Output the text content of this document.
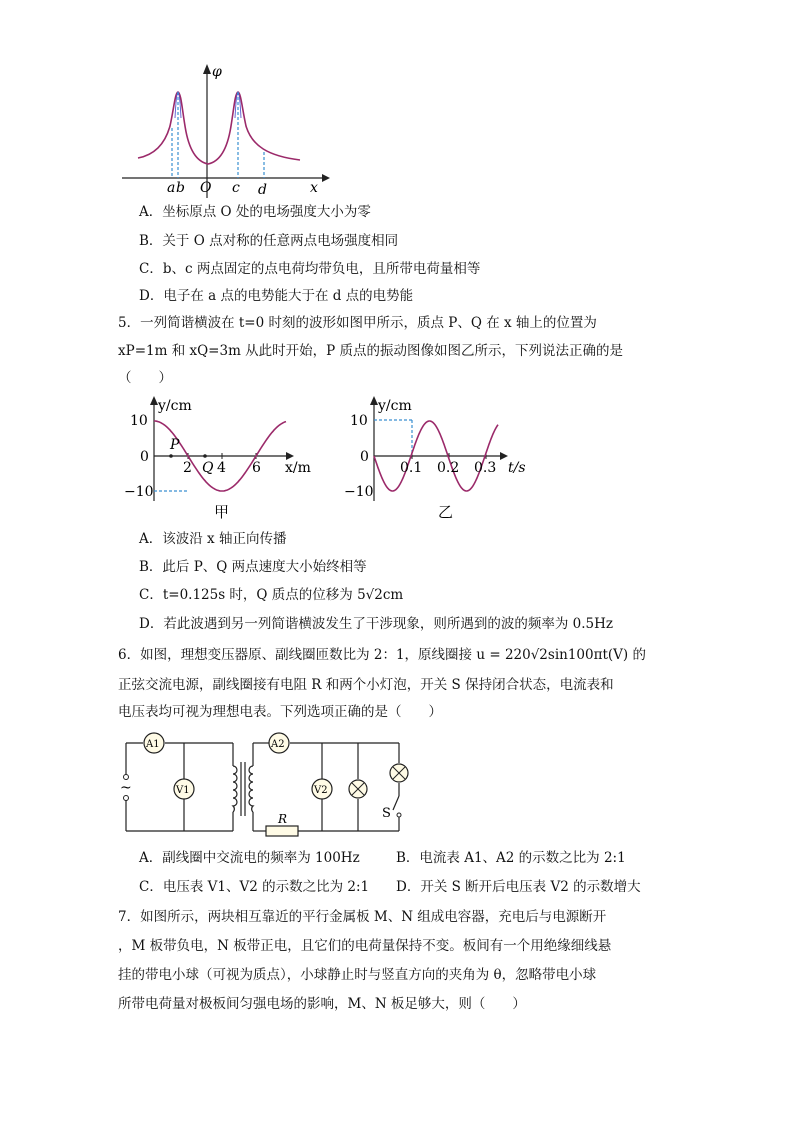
φ
x
a b O c d
A．坐标原点 O 处的电场强度大小为零
B．关于 O 点对称的任意两点电场强度相同
C．b、c 两点固定的点电荷均带负电，且所带电荷量相等
D．电子在 a 点的电势能大于在 d 点的电势能
5．一列简谐横波在 t=0 时刻的波形如图甲所示，质点 P、Q 在 x 轴上的位置为
xP=1m 和 xQ=3m 从此时开始，P 质点的振动图像如图乙所示，下列说法正确的是
（　　）
y/cm
x/m
10
0
−10
2 4 6
P
Q
甲
y/cm
t/s
10
0
−10
0.1 0.2 0.3
乙
A．该波沿 x 轴正向传播
B．此后 P、Q 两点速度大小始终相等
C．t=0.125s 时，Q 质点的位移为 5√2cm
D．若此波遇到另一列简谐横波发生了干涉现象，则所遇到的波的频率为 0.5Hz
6．如图，理想变压器原、副线圈匝数比为 2：1，原线圈接 u = 220√2sin100πt(V) 的
正弦交流电源，副线圈接有电阻 R 和两个小灯泡，开关 S 保持闭合状态，电流表和
电压表均可视为理想电表。下列选项正确的是（　　）
~
A1
V1
A2
V2
R	S
A．副线圈中交流电的频率为 100Hz	B．电流表 A1、A2 的示数之比为 2:1
C．电压表 V1、V2 的示数之比为 2:1 D．开关 S 断开后电压表 V2 的示数增大
7．如图所示，两块相互靠近的平行金属板 M、N 组成电容器，充电后与电源断开
，M 板带负电，N 板带正电，且它们的电荷量保持不变。板间有一个用绝缘细线悬
挂的带电小球（可视为质点），小球静止时与竖直方向的夹角为 θ，忽略带电小球
所带电荷量对极板间匀强电场的影响，M、N 板足够大，则（　　）
